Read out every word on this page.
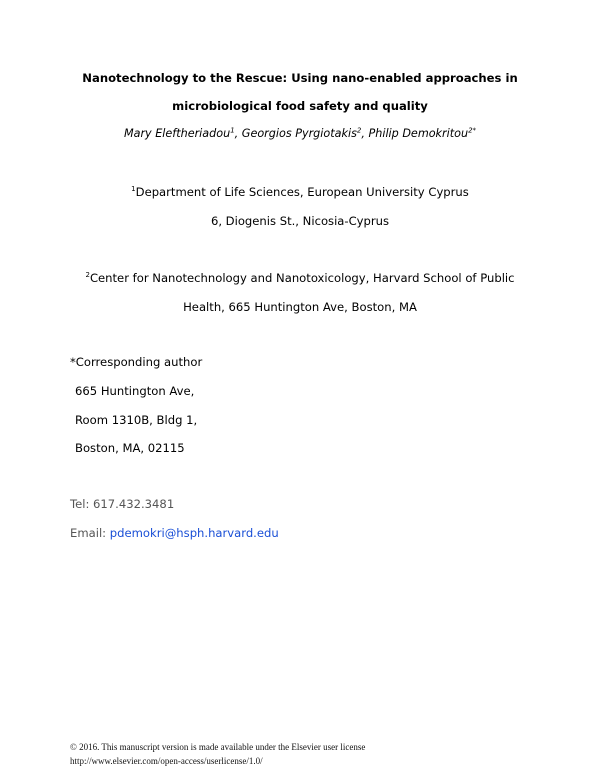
Nanotechnology to the Rescue: Using nano-enabled approaches in
microbiological food safety and quality
Mary Eleftheriadou$^1$, Georgios Pyrgiotakis$^2$, Philip Demokritou$^{2*}$
$^1$Department of Life Sciences, European University Cyprus
6, Diogenis St., Nicosia-Cyprus
$^2$Center for Nanotechnology and Nanotoxicology, Harvard School of Public
Health, 665 Huntington Ave, Boston, MA
*Corresponding author
665 Huntington Ave,
Room 1310B, Bldg 1,
Boston, MA, 02115
Tel: 617.432.3481
Email: pdemokri@hsph.harvard.edu
© 2016. This manuscript version is made available under the Elsevier user license
http://www.elsevier.com/open-access/userlicense/1.0/
